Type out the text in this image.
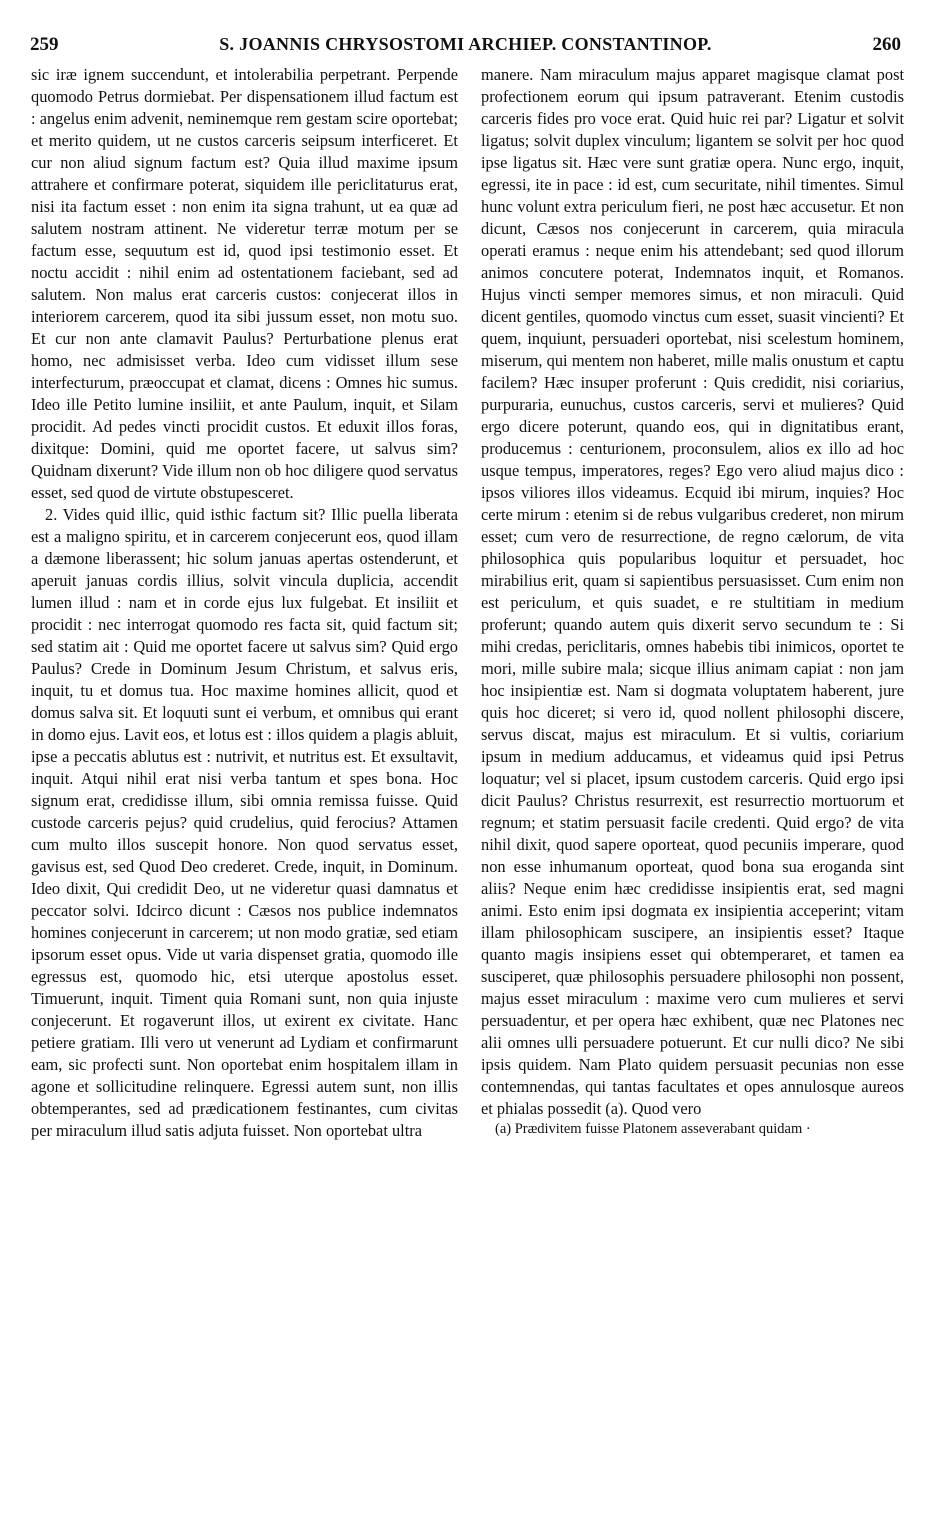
259	S. JOANNIS CHRYSOSTOMI ARCHIEP. CONSTANTINOP.	260

sic iræ ignem succendunt, et intolerabilia perpetrant. Perpende quomodo Petrus dormiebat. Per dispensationem illud factum est : angelus enim advenit, neminemque rem gestam scire oportebat; et merito quidem, ut ne custos carceris seipsum interficeret. Et cur non aliud signum factum est? Quia illud maxime ipsum attrahere et confirmare poterat, siquidem ille periclitaturus erat, nisi ita factum esset : non enim ita signa trahunt, ut ea quæ ad salutem nostram attinent. Ne videretur terræ motum per se factum esse, sequutum est id, quod ipsi testimonio esset. Et noctu accidit : nihil enim ad ostentationem faciebant, sed ad salutem. Non malus erat carceris custos: conjecerat illos in interiorem carcerem, quod ita sibi jussum esset, non motu suo. Et cur non ante clamavit Paulus? Perturbatione plenus erat homo, nec admisisset verba. Ideo cum vidisset illum sese interfecturum, præoccupat et clamat, dicens : Omnes hic sumus. Ideo ille Petito lumine insiliit, et ante Paulum, inquit, et Silam procidit. Ad pedes vincti procidit custos. Et eduxit illos foras, dixitque: Domini, quid me oportet facere, ut salvus sim? Quidnam dixerunt? Vide illum non ob hoc diligere quod servatus esset, sed quod de virtute obstupesceret.

2. Vides quid illic, quid isthic factum sit? Illic puella liberata est a maligno spiritu, et in carcerem conjecerunt eos, quod illam a dæmone liberassent; hic solum januas apertas ostenderunt, et aperuit januas cordis illius, solvit vincula duplicia, accendit lumen illud : nam et in corde ejus lux fulgebat. Et insiliit et procidit : nec interrogat quomodo res facta sit, quid factum sit; sed statim ait : Quid me oportet facere ut salvus sim? Quid ergo Paulus? Crede in Dominum Jesum Christum, et salvus eris, inquit, tu et domus tua. Hoc maxime homines allicit, quod et domus salva sit. Et loquuti sunt ei verbum, et omnibus qui erant in domo ejus. Lavit eos, et lotus est : illos quidem a plagis abluit, ipse a peccatis ablutus est : nutrivit, et nutritus est. Et exsultavit, inquit. Atqui nihil erat nisi verba tantum et spes bona. Hoc signum erat, credidisse illum, sibi omnia remissa fuisse. Quid custode carceris pejus? quid crudelius, quid ferocius? Attamen cum multo illos suscepit honore. Non quod servatus esset, gavisus est, sed Quod Deo crederet. Crede, inquit, in Dominum. Ideo dixit, Qui credidit Deo, ut ne videretur quasi damnatus et peccator solvi. Idcirco dicunt : Cæsos nos publice indemnatos homines conjecerunt in carcerem; ut non modo gratiæ, sed etiam ipsorum esset opus. Vide ut varia dispenset gratia, quomodo ille egressus est, quomodo hic, etsi uterque apostolus esset. Timuerunt, inquit. Timent quia Romani sunt, non quia injuste conjecerunt. Et rogaverunt illos, ut exirent ex civitate. Hanc petiere gratiam. Illi vero ut venerunt ad Lydiam et confirmarunt eam, sic profecti sunt. Non oportebat enim hospitalem illam in agone et sollicitudine relinquere. Egressi autem sunt, non illis obtemperantes, sed ad prædicationem festinantes, cum civitas per miraculum illud satis adjuta fuisset. Non oportebat ultra

manere. Nam miraculum majus apparet magisque clamat post profectionem eorum qui ipsum patraverant. Etenim custodis carceris fides pro voce erat. Quid huic rei par? Ligatur et solvit ligatus; solvit duplex vinculum; ligantem se solvit per hoc quod ipse ligatus sit. Hæc vere sunt gratiæ opera. Nunc ergo, inquit, egressi, ite in pace : id est, cum securitate, nihil timentes. Simul hunc volunt extra periculum fieri, ne post hæc accusetur. Et non dicunt, Cæsos nos conjecerunt in carcerem, quia miracula operati eramus : neque enim his attendebant; sed quod illorum animos concutere poterat, Indemnatos inquit, et Romanos. Hujus vincti semper memores simus, et non miraculi. Quid dicent gentiles, quomodo vinctus cum esset, suasit vincienti? Et quem, inquiunt, persuaderi oportebat, nisi scelestum hominem, miserum, qui mentem non haberet, mille malis onustum et captu facilem? Hæc insuper proferunt : Quis credidit, nisi coriarius, purpuraria, eunuchus, custos carceris, servi et mulieres? Quid ergo dicere poterunt, quando eos, qui in dignitatibus erant, producemus : centurionem, proconsulem, alios ex illo ad hoc usque tempus, imperatores, reges? Ego vero aliud majus dico : ipsos viliores illos videamus. Ecquid ibi mirum, inquies? Hoc certe mirum : etenim si de rebus vulgaribus crederet, non mirum esset; cum vero de resurrectione, de regno cælorum, de vita philosophica quis popularibus loquitur et persuadet, hoc mirabilius erit, quam si sapientibus persuasisset. Cum enim non est periculum, et quis suadet, e re stultitiam in medium proferunt; quando autem quis dixerit servo secundum te : Si mihi credas, periclitaris, omnes habebis tibi inimicos, oportet te mori, mille subire mala; sicque illius animam capiat : non jam hoc insipientiæ est. Nam si dogmata voluptatem haberent, jure quis hoc diceret; si vero id, quod nollent philosophi discere, servus discat, majus est miraculum. Et si vultis, coriarium ipsum in medium adducamus, et videamus quid ipsi Petrus loquatur; vel si placet, ipsum custodem carceris. Quid ergo ipsi dicit Paulus? Christus resurrexit, est resurrectio mortuorum et regnum; et statim persuasit facile credenti. Quid ergo? de vita nihil dixit, quod sapere oporteat, quod pecuniis imperare, quod non esse inhumanum oporteat, quod bona sua eroganda sint aliis? Neque enim hæc credidisse insipientis erat, sed magni animi. Esto enim ipsi dogmata ex insipientia acceperint; vitam illam philosophicam suscipere, an insipientis esset? Itaque quanto magis insipiens esset qui obtemperaret, et tamen ea susciperet, quæ philosophis persuadere philosophi non possent, majus esset miraculum : maxime vero cum mulieres et servi persuadentur, et per opera hæc exhibent, quæ nec Platones nec alii omnes ulli persuadere potuerunt. Et cur nulli dico? Ne sibi ipsis quidem. Nam Plato quidem persuasit pecunias non esse contemnendas, qui tantas facultates et opes annulosque aureos et phialas possedit (a). Quod vero

(a) Prædivitem fuisse Platonem asseverabant quidam ·
